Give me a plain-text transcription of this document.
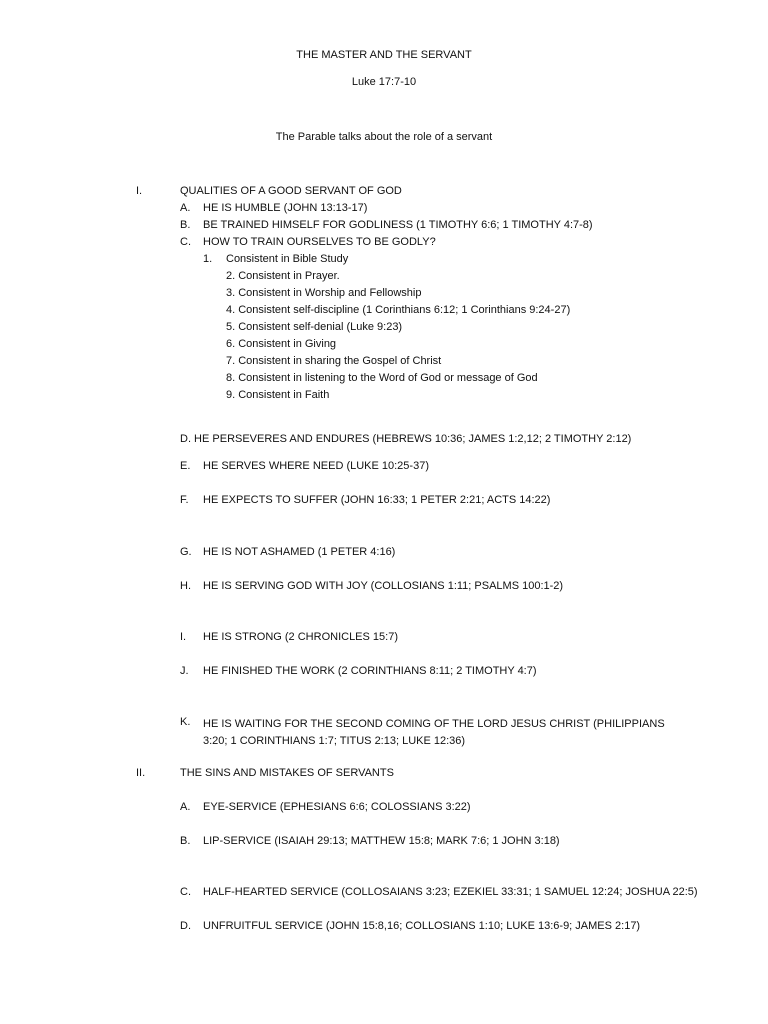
THE MASTER AND THE SERVANT
Luke 17:7-10
The Parable talks about the role of a servant
I.	QUALITIES OF A GOOD SERVANT OF GOD
A. HE IS HUMBLE (JOHN 13:13-17)
B. BE TRAINED HIMSELF FOR GODLINESS (1 TIMOTHY 6:6; 1 TIMOTHY 4:7-8)
C. HOW TO TRAIN OURSELVES TO BE GODLY?
1. Consistent in Bible Study
2. Consistent in Prayer.
3. Consistent in Worship and Fellowship
4. Consistent self-discipline (1 Corinthians 6:12; 1 Corinthians 9:24-27)
5. Consistent self-denial (Luke 9:23)
6. Consistent in Giving
7. Consistent in sharing the Gospel of Christ
8. Consistent in listening to the Word of God or message of God
9. Consistent in Faith
D. HE PERSEVERES AND ENDURES (HEBREWS 10:36; JAMES 1:2,12; 2 TIMOTHY 2:12)
E. HE SERVES WHERE NEED (LUKE 10:25-37)
F. HE EXPECTS TO SUFFER (JOHN 16:33; 1 PETER 2:21; ACTS 14:22)
G. HE IS NOT ASHAMED (1 PETER 4:16)
H. HE IS SERVING GOD WITH JOY (COLLOSIANS 1:11; PSALMS 100:1-2)
I. HE IS STRONG (2 CHRONICLES 15:7)
J. HE FINISHED THE WORK (2 CORINTHIANS 8:11; 2 TIMOTHY 4:7)
K. HE IS WAITING FOR THE SECOND COMING OF THE LORD JESUS CHRIST (PHILIPPIANS 3:20; 1 CORINTHIANS 1:7; TITUS 2:13; LUKE 12:36)
II.	THE SINS AND MISTAKES OF SERVANTS
A. EYE-SERVICE (EPHESIANS 6:6; COLOSSIANS 3:22)
B. LIP-SERVICE (ISAIAH 29:13; MATTHEW 15:8; MARK 7:6; 1 JOHN 3:18)
C. HALF-HEARTED SERVICE (COLLOSAIANS 3:23; EZEKIEL 33:31; 1 SAMUEL 12:24; JOSHUA 22:5)
D. UNFRUITFUL SERVICE (JOHN 15:8,16; COLLOSIANS 1:10; LUKE 13:6-9; JAMES 2:17)
